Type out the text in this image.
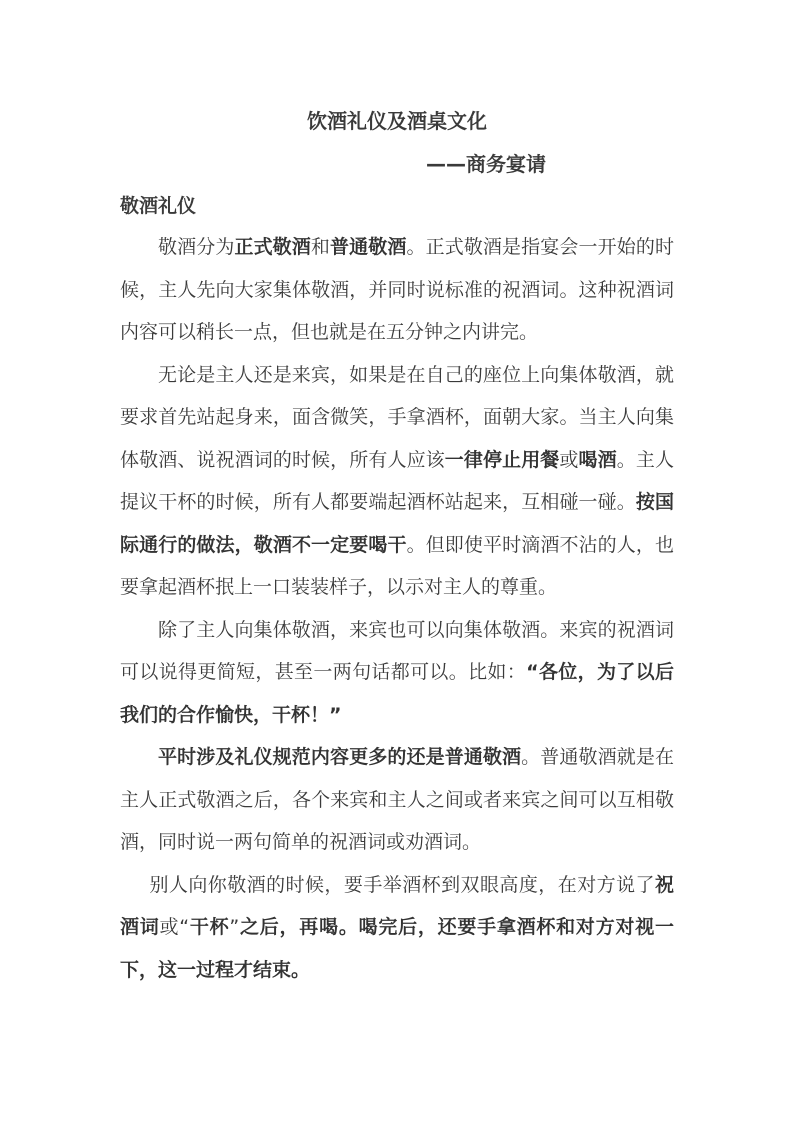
饮酒礼仪及酒桌文化
——商务宴请
敬酒礼仪

敬酒分为正式敬酒和普通敬酒。正式敬酒是指宴会一开始的时候，主人先向大家集体敬酒，并同时说标准的祝酒词。这种祝酒词内容可以稍长一点，但也就是在五分钟之内讲完。

无论是主人还是来宾，如果是在自己的座位上向集体敬酒，就要求首先站起身来，面含微笑，手拿酒杯，面朝大家。当主人向集体敬酒、说祝酒词的时候，所有人应该一律停止用餐或喝酒。主人提议干杯的时候，所有人都要端起酒杯站起来，互相碰一碰。按国际通行的做法，敬酒不一定要喝干。但即使平时滴酒不沾的人，也要拿起酒杯抿上一口装装样子，以示对主人的尊重。

除了主人向集体敬酒，来宾也可以向集体敬酒。来宾的祝酒词可以说得更简短，甚至一两句话都可以。比如：“各位，为了以后我们的合作愉快，干杯！”

平时涉及礼仪规范内容更多的还是普通敬酒。普通敬酒就是在主人正式敬酒之后，各个来宾和主人之间或者来宾之间可以互相敬酒，同时说一两句简单的祝酒词或劝酒词。

别人向你敬酒的时候，要手举酒杯到双眼高度，在对方说了祝酒词或“干杯”之后，再喝。喝完后，还要手拿酒杯和对方对视一下，这一过程才结束。
